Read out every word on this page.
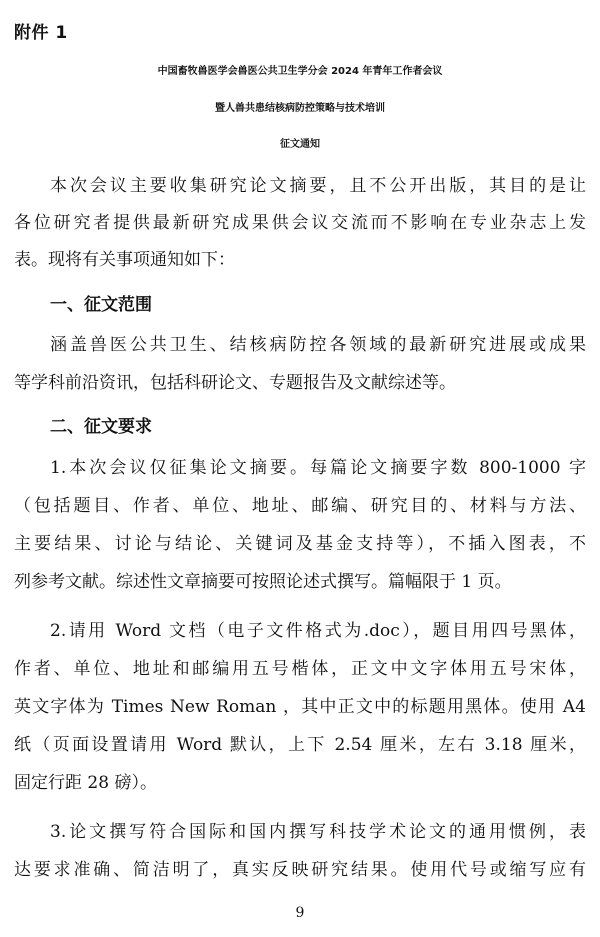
附件 1
中国畜牧兽医学会兽医公共卫生学分会 2024 年青年工作者会议
暨人兽共患结核病防控策略与技术培训
征文通知
本次会议主要收集研究论文摘要，且不公开出版，其目的是让
各位研究者提供最新研究成果供会议交流而不影响在专业杂志上发
表。现将有关事项通知如下：
一、征文范围
涵盖兽医公共卫生、结核病防控各领域的最新研究进展或成果
等学科前沿资讯，包括科研论文、专题报告及文献综述等。
二、征文要求
1.本次会议仅征集论文摘要。每篇论文摘要字数 800-1000 字
（包括题目、作者、单位、地址、邮编、研究目的、材料与方法、
主要结果、讨论与结论、关键词及基金支持等），不插入图表，不
列参考文献。综述性文章摘要可按照论述式撰写。篇幅限于 1 页。
2.请用 Word 文档（电子文件格式为.doc），题目用四号黑体，
作者、单位、地址和邮编用五号楷体，正文中文字体用五号宋体，
英文字体为 Times New Roman ，其中正文中的标题用黑体。使用 A4
纸（页面设置请用 Word 默认，上下 2.54 厘米，左右 3.18 厘米，
固定行距 28 磅）。
3.论文撰写符合国际和国内撰写科技学术论文的通用惯例，表
达要求准确、简洁明了，真实反映研究结果。使用代号或缩写应有
9
